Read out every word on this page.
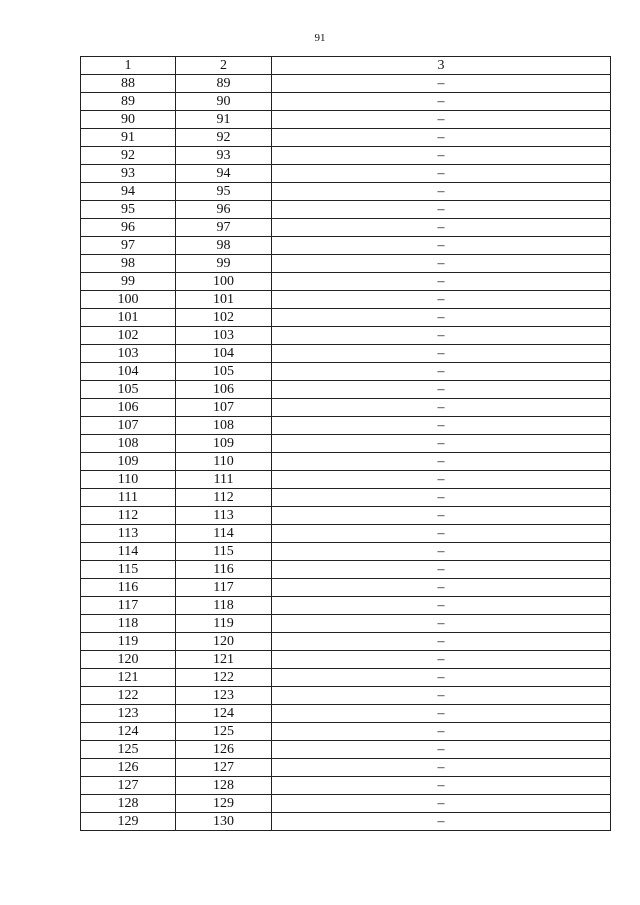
91
1	2	3
88	89	–
89	90	–
90	91	–
91	92	–
92	93	–
93	94	–
94	95	–
95	96	–
96	97	–
97	98	–
98	99	–
99	100	–
100	101	–
101	102	–
102	103	–
103	104	–
104	105	–
105	106	–
106	107	–
107	108	–
108	109	–
109	110	–
110	111	–
111	112	–
112	113	–
113	114	–
114	115	–
115	116	–
116	117	–
117	118	–
118	119	–
119	120	–
120	121	–
121	122	–
122	123	–
123	124	–
124	125	–
125	126	–
126	127	–
127	128	–
128	129	–
129	130	–
